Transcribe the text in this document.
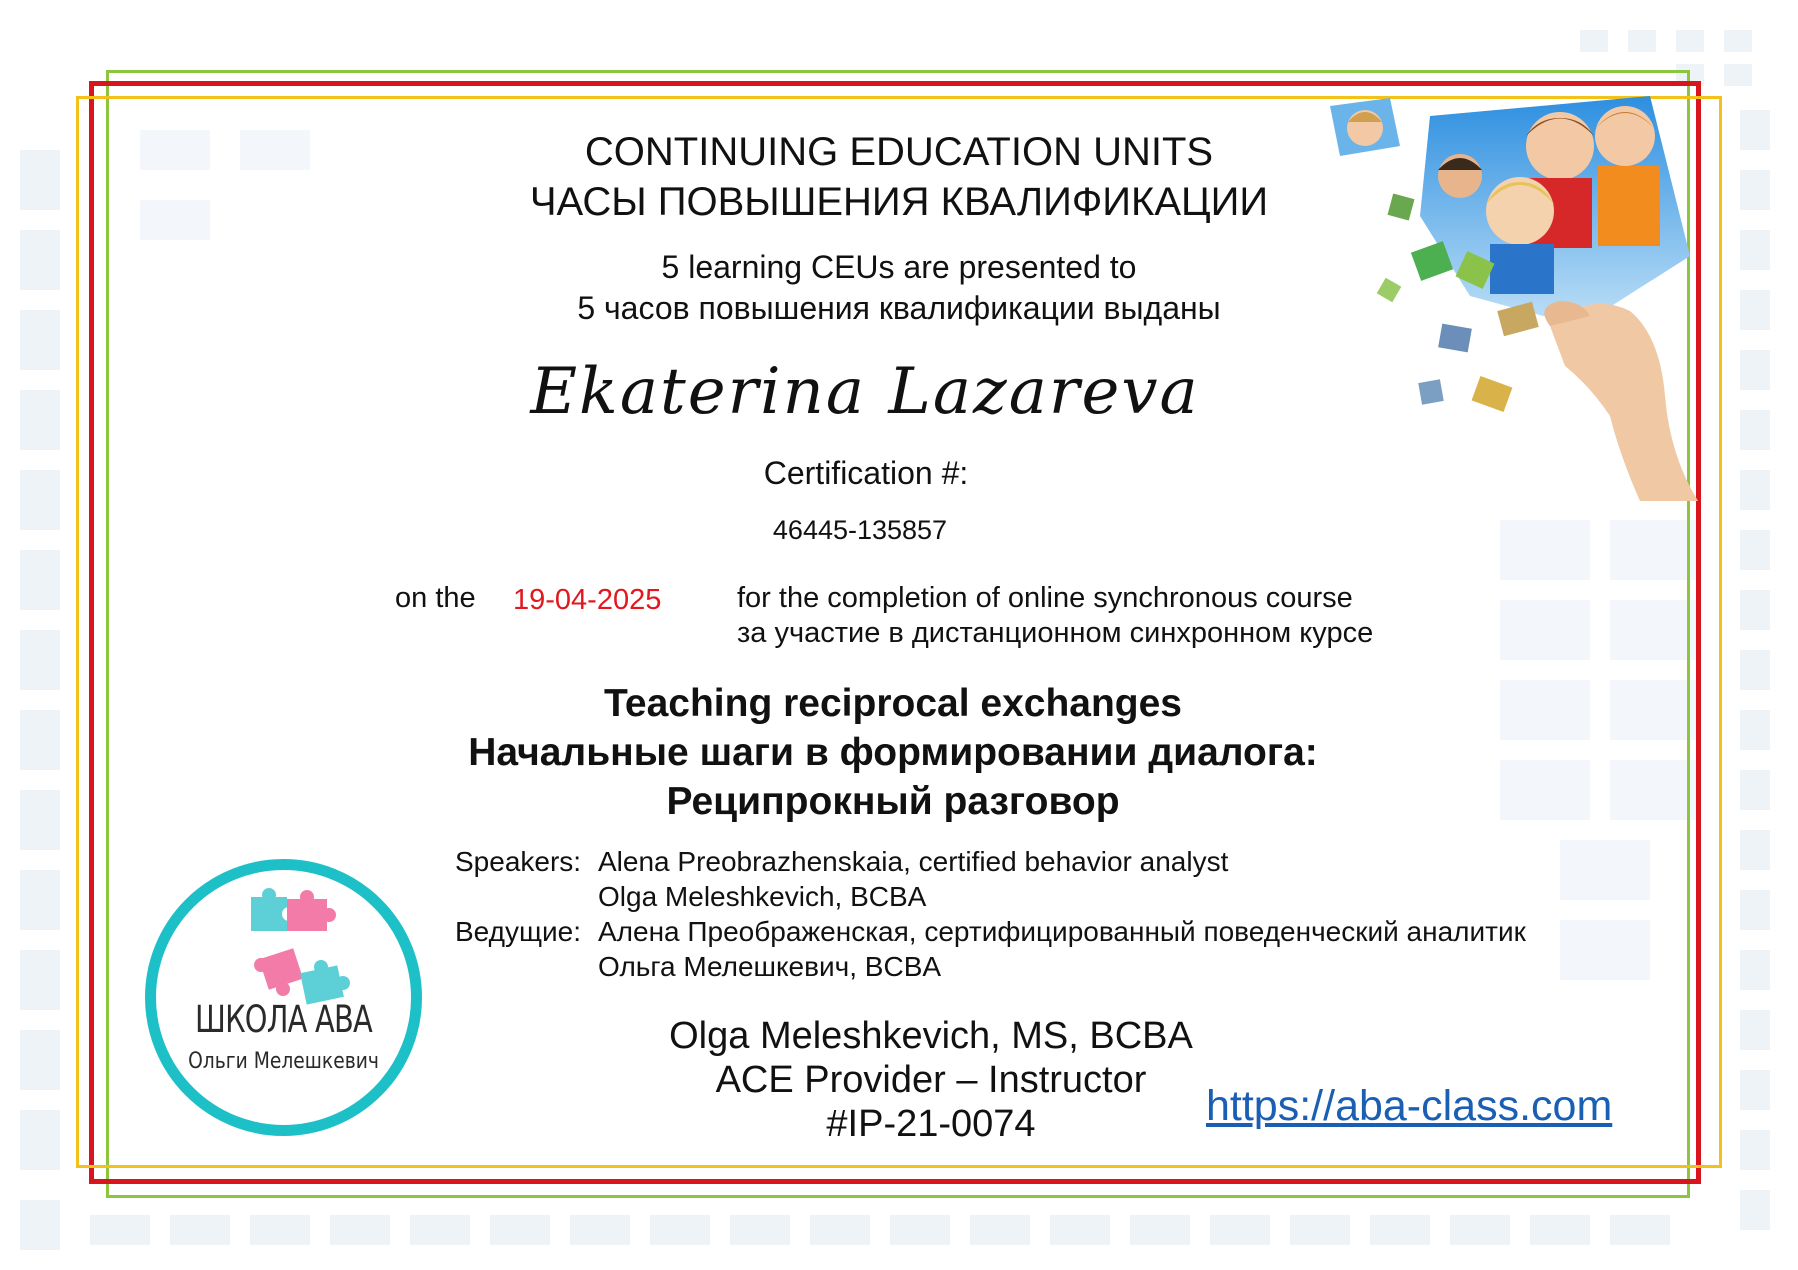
CONTINUING EDUCATION UNITS
ЧАСЫ ПОВЫШЕНИЯ КВАЛИФИКАЦИИ
5 learning CEUs are presented to
5 часов повышения квалификации выданы
Ekaterina Lazareva
Certification #:
46445-135857
on the 19-04-2025	for the completion of online synchronous course
за участие в дистанционном синхронном курсе
Teaching reciprocal exchanges
Начальные шаги в формировании диалога:
Реципрокный разговор
Speakers: Alena Preobrazhenskaia, certified behavior analyst
Olga Meleshkevich, BCBA
Ведущие: Алена Преображенская, сертифицированный поведенческий аналитик
Ольга Мелешкевич, BCBA
Olga Meleshkevich, MS, BCBA
ACE Provider – Instructor
#IP-21-0074	https://aba-class.com
ШКОЛА АВА
Ольги Мелешкевич
